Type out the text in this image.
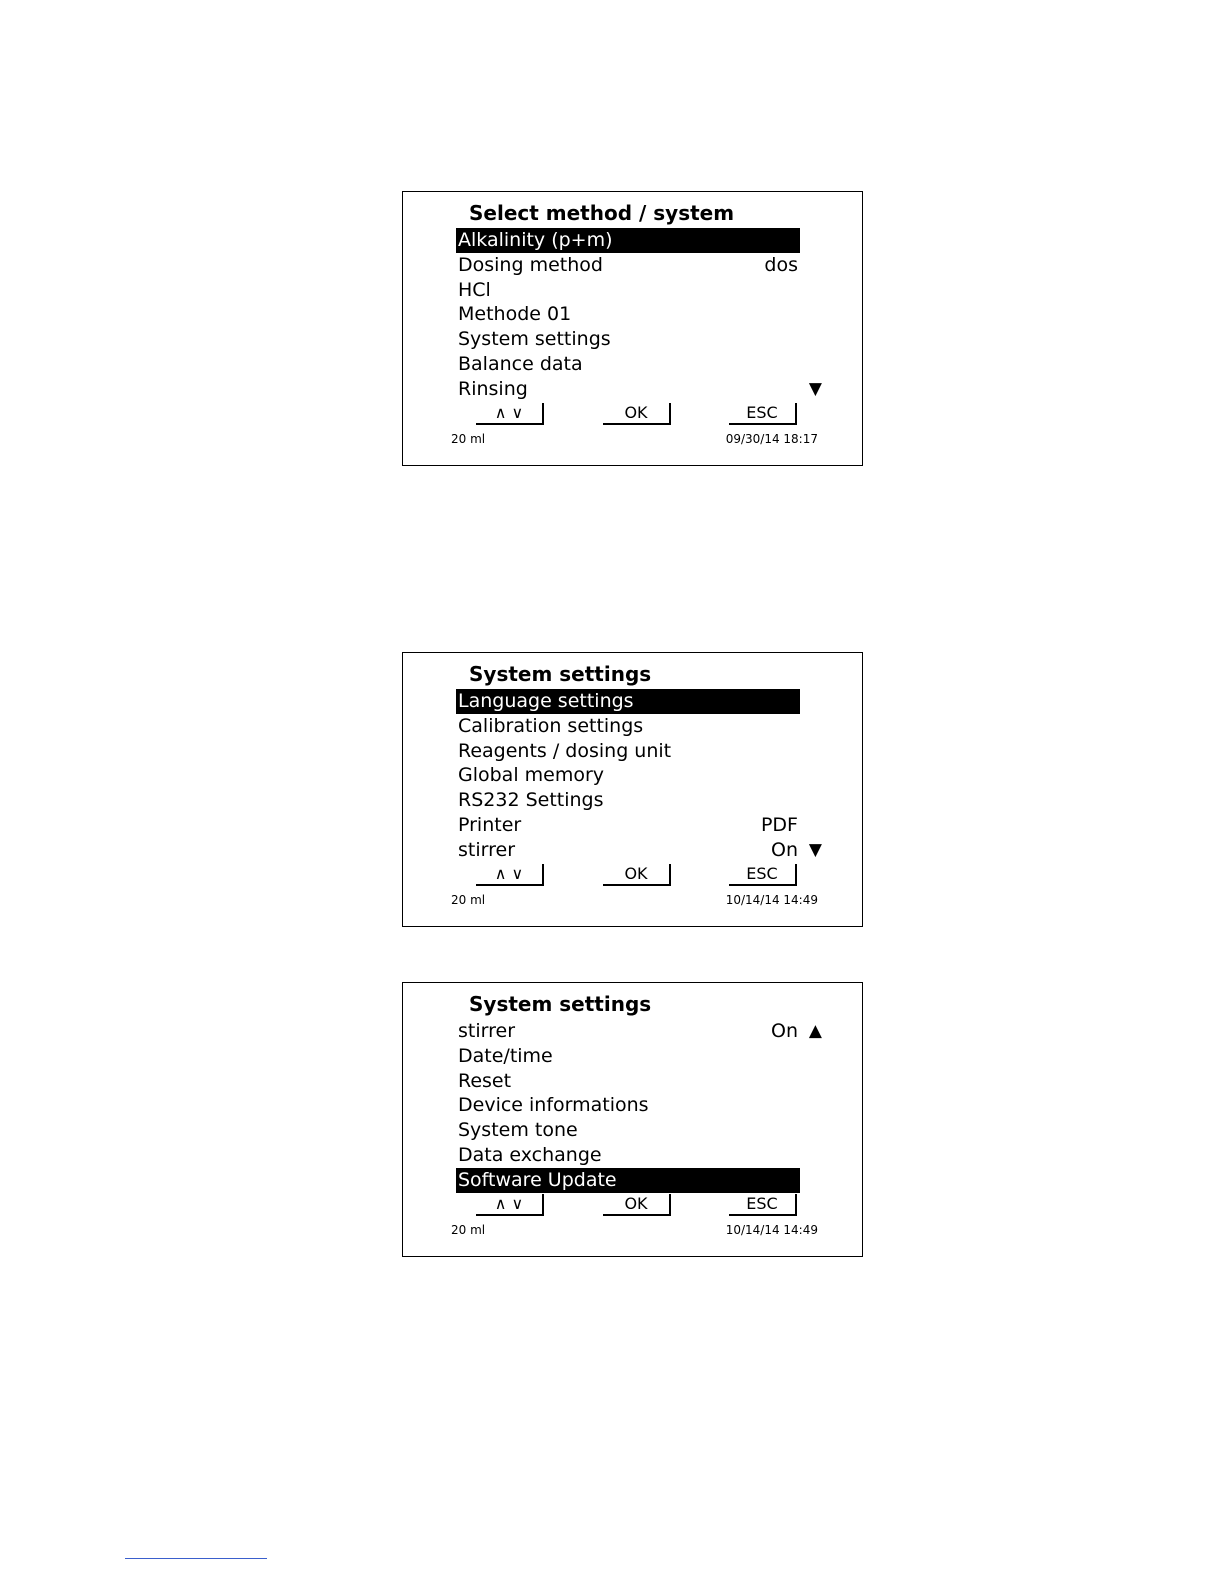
Select method / system
Alkalinity (p+m)
Dosing method	dos
HCl
Methode 01
System settings
Balance data
Rinsing	▼
∧ ∨	OK	ESC
20 ml	09/30/14 18:17
System settings
Language settings
Calibration settings
Reagents / dosing unit
Global memory
RS232 Settings
Printer	PDF
stirrer	On ▼
∧ ∨	OK	ESC
20 ml	10/14/14 14:49
System settings
stirrer	On ▲
Date/time
Reset
Device informations
System tone
Data exchange
Software Update
∧ ∨	OK	ESC
20 ml	10/14/14 14:49
